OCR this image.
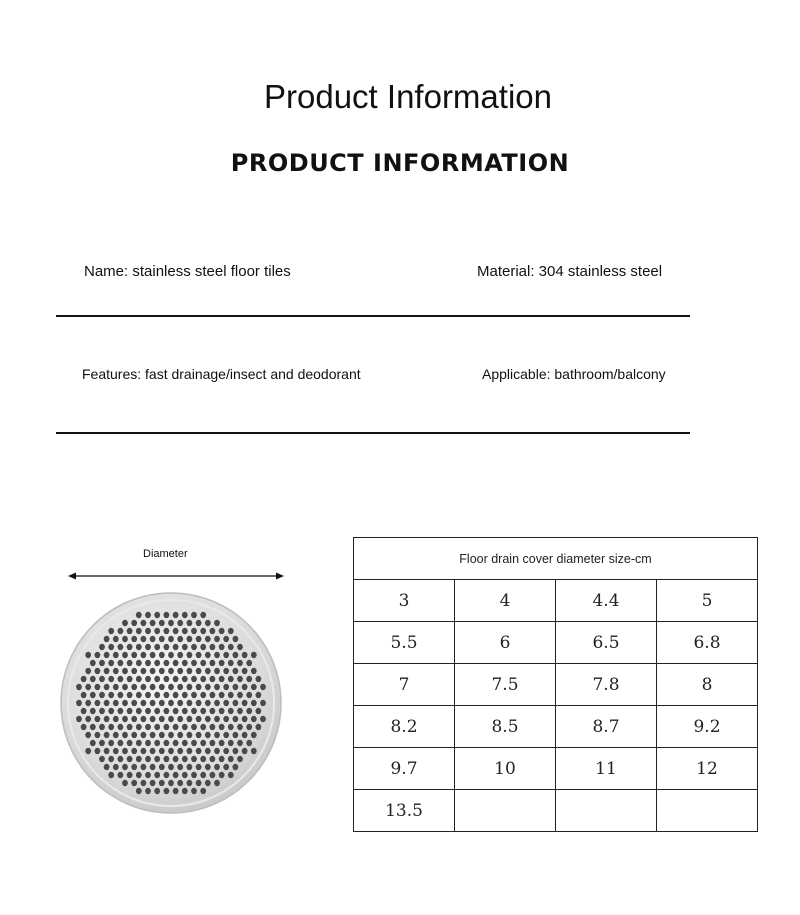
Product Information
PRODUCT INFORMATION
Name: stainless steel floor tiles	Material: 304 stainless steel
Features: fast drainage/insect and deodorant	Applicable: bathroom/balcony
Diameter	Floor drain cover diameter size-cm			
3	4	4.4	5
5.5	6	6.5	6.8
7	7.5	7.8	8
8.2	8.5	8.7	9.2
9.7	10	11	12
13.5			
